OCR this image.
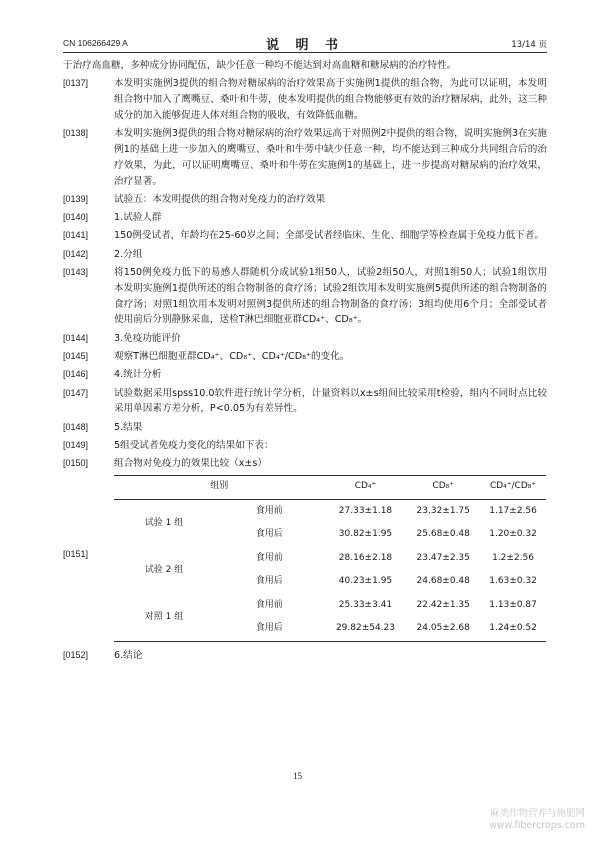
CN 106266429 A	说 明 书	13/14 页
于治疗高血糖，多种成分协同配伍，缺少任意一种均不能达到对高血糖和糖尿病的治疗特性。
[0137]	本发明实施例3提供的组合物对糖尿病的治疗效果高于实施例1提供的组合物，为此可以证明，本发明组合物中加入了鹰嘴豆、桑叶和牛蒡，使本发明提供的组合物能够更有效的治疗糖尿病，此外，这三种成分的加入能够促进人体对组合物的吸收，有效降低血糖。
[0138]	本发明实施例3提供的组合物对糖尿病的治疗效果远高于对照例2中提供的组合物，说明实施例3在实施例1的基础上进一步加入的鹰嘴豆、桑叶和牛蒡中缺少任意一种，均不能达到三种成分共同组合后的治疗效果，为此，可以证明鹰嘴豆、桑叶和牛蒡在实施例1的基础上，进一步提高对糖尿病的治疗效果，治疗显著。
[0139]	试验五：本发明提供的组合物对免疫力的治疗效果
[0140]	1.试验人群
[0141]	150例受试者，年龄均在25-60岁之间；全部受试者经临床、生化、细胞学等检查属于免疫力低下者。
[0142]	2.分组
[0143]	将150例免疫力低下的易感人群随机分成试验1组50人，试验2组50人，对照1组50人；试验1组饮用本发明实施例1提供所述的组合物制备的食疗汤；试验2组饮用本发明实施例5提供所述的组合物制备的食疗汤；对照1组饮用本发明对照例3提供所述的组合物制备的食疗汤；3组均使用6个月；全部受试者使用前后分别静脉采血，送检T淋巴细胞亚群CD₄⁺、CD₈⁺。
[0144]	3.免疫功能评价
[0145]	观察T淋巴细胞亚群CD₄⁺、CD₈⁺、CD₄⁺/CD₈⁺的变化。
[0146]	4.统计分析
[0147]	试验数据采用spss10.0软件进行统计学分析，计量资料以x±s组间比较采用t检验，组内不同时点比较采用单因素方差分析，P<0.05为有差异性。
[0148]	5.结果
[0149]	5组受试者免疫力变化的结果如下表：
[0150]	组合物对免疫力的效果比较（x±s）
[0151]
组别		CD₄⁺	CD₈⁺	CD₄⁺/CD₈⁺
试验 1 组	食用前	27.33±1.18	23.32±1.75	1.17±2.56
	食用后	30.82±1.95	25.68±0.48	1.20±0.32
试验 2 组	食用前	28.16±2.18	23.47±2.35	1.2±2.56
	食用后	40.23±1.95	24.68±0.48	1.63±0.32
对照 1 组	食用前	25.33±3.41	22.42±1.35	1.13±0.87
	食用后	29.82±54.23	24.05±2.68	1.24±0.52
[0152]	6.结论
15
麻类作物营养与施肥网
www.fibercrops.com
